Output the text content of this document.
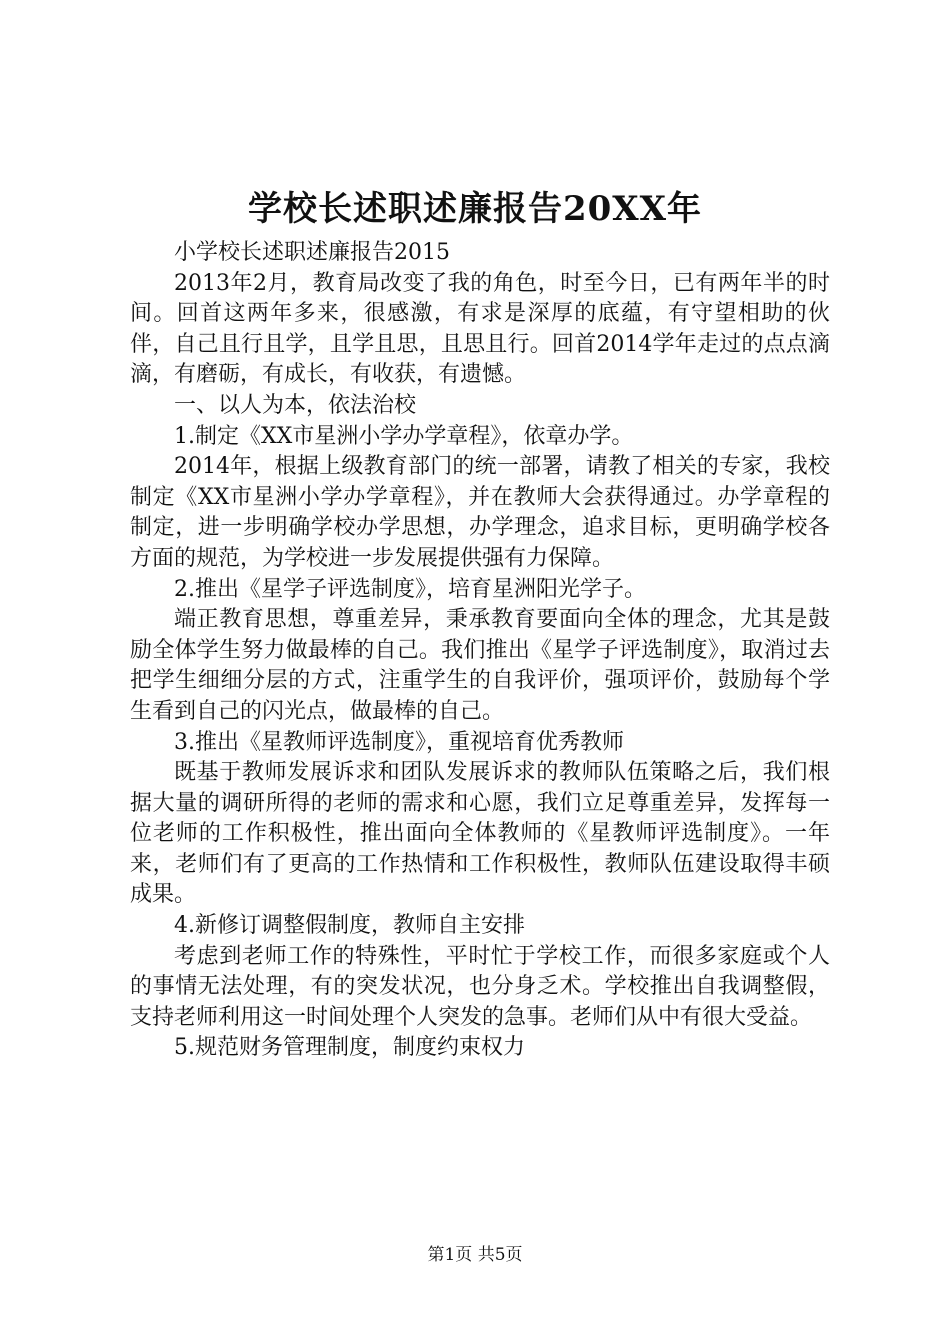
学校长述职述廉报告20XX年

小学校长述职述廉报告2015

2013年2月，教育局改变了我的角色，时至今日，已有两年半的时间。回首这两年多来，很感激，有求是深厚的底蕴，有守望相助的伙伴，自己且行且学，且学且思，且思且行。回首2014学年走过的点点滴滴，有磨砺，有成长，有收获，有遗憾。

一、以人为本，依法治校

1.制定《XX市星洲小学办学章程》，依章办学。

2014年，根据上级教育部门的统一部署，请教了相关的专家，我校制定《XX市星洲小学办学章程》，并在教师大会获得通过。办学章程的制定，进一步明确学校办学思想，办学理念，追求目标，更明确学校各方面的规范，为学校进一步发展提供强有力保障。

2.推出《星学子评选制度》，培育星洲阳光学子。

端正教育思想，尊重差异，秉承教育要面向全体的理念，尤其是鼓励全体学生努力做最棒的自己。我们推出《星学子评选制度》，取消过去把学生细细分层的方式，注重学生的自我评价，强项评价，鼓励每个学生看到自己的闪光点，做最棒的自己。

3.推出《星教师评选制度》，重视培育优秀教师

既基于教师发展诉求和团队发展诉求的教师队伍策略之后，我们根据大量的调研所得的老师的需求和心愿，我们立足尊重差异，发挥每一位老师的工作积极性，推出面向全体教师的《星教师评选制度》。一年来，老师们有了更高的工作热情和工作积极性，教师队伍建设取得丰硕成果。

4.新修订调整假制度，教师自主安排

考虑到老师工作的特殊性，平时忙于学校工作，而很多家庭或个人的事情无法处理，有的突发状况，也分身乏术。学校推出自我调整假，支持老师利用这一时间处理个人突发的急事。老师们从中有很大受益。

5.规范财务管理制度，制度约束权力

第1页 共5页
